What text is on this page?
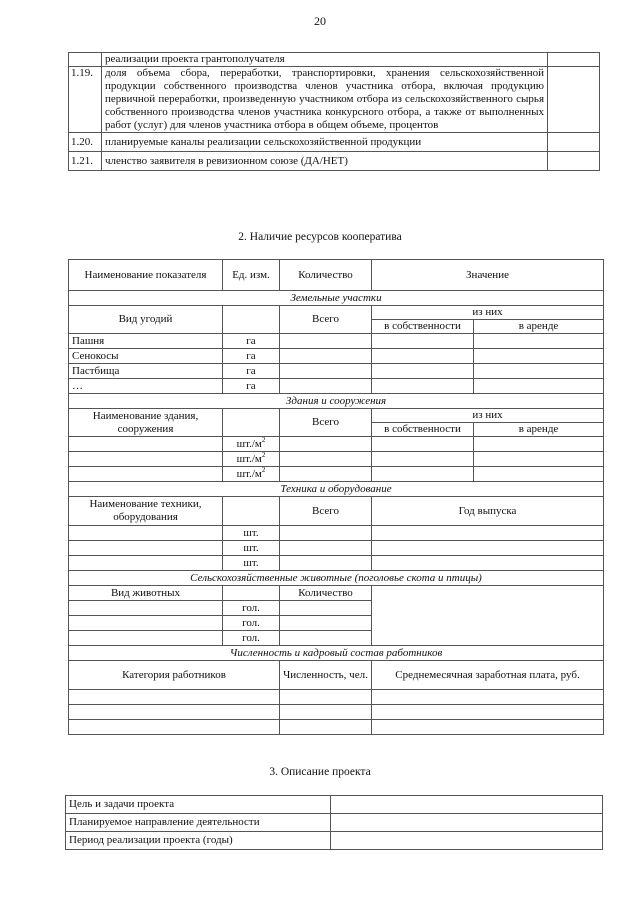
20
	реализации проекта грантополучателя	
1.19.	доля объема сбора, переработки, транспортировки, хранения сельскохозяйственной продукции собственного производства членов участника отбора, включая продукцию первичной переработки, произведенную участником отбора из сельскохозяйственного сырья собственного производства членов участника конкурсного отбора, а также от выполненных работ (услуг) для членов участника отбора в общем объеме, процентов	
1.20.	планируемые каналы реализации сельскохозяйственной продукции	
1.21.	членство заявителя в ревизионном союзе (ДА/НЕТ)	
2. Наличие ресурсов кооператива
Наименование показателя	Ед. изм.	Количество	Значение	
Земельные участки				
Вид угодий		Всего	из них	
			в собственности	в аренде
Пашня	га			
Сенокосы	га			
Пастбища	га			
…	га			
Здания и сооружения				
Наименование здания, сооружения		Всего	из них	
			в собственности	в аренде
	$шт./м^2$			
	$шт./м^2$			
	$шт./м^2$			
Техника и оборудование				
Наименование техники, оборудования		Всего	Год выпуска	
	шт.			
	шт.			
	шт.			
Сельскохозяйственные животные (поголовье скота и птицы)				
Вид животных		Количество		
	гол.			
	гол.			
	гол.			
Численность и кадровый состав работников				
Категория работников		Численность, чел.	Среднемесячная заработная плата, руб.	

3. Описание проекта
Цель и задачи проекта	
Планируемое направление деятельности	
Период реализации проекта (годы)	
